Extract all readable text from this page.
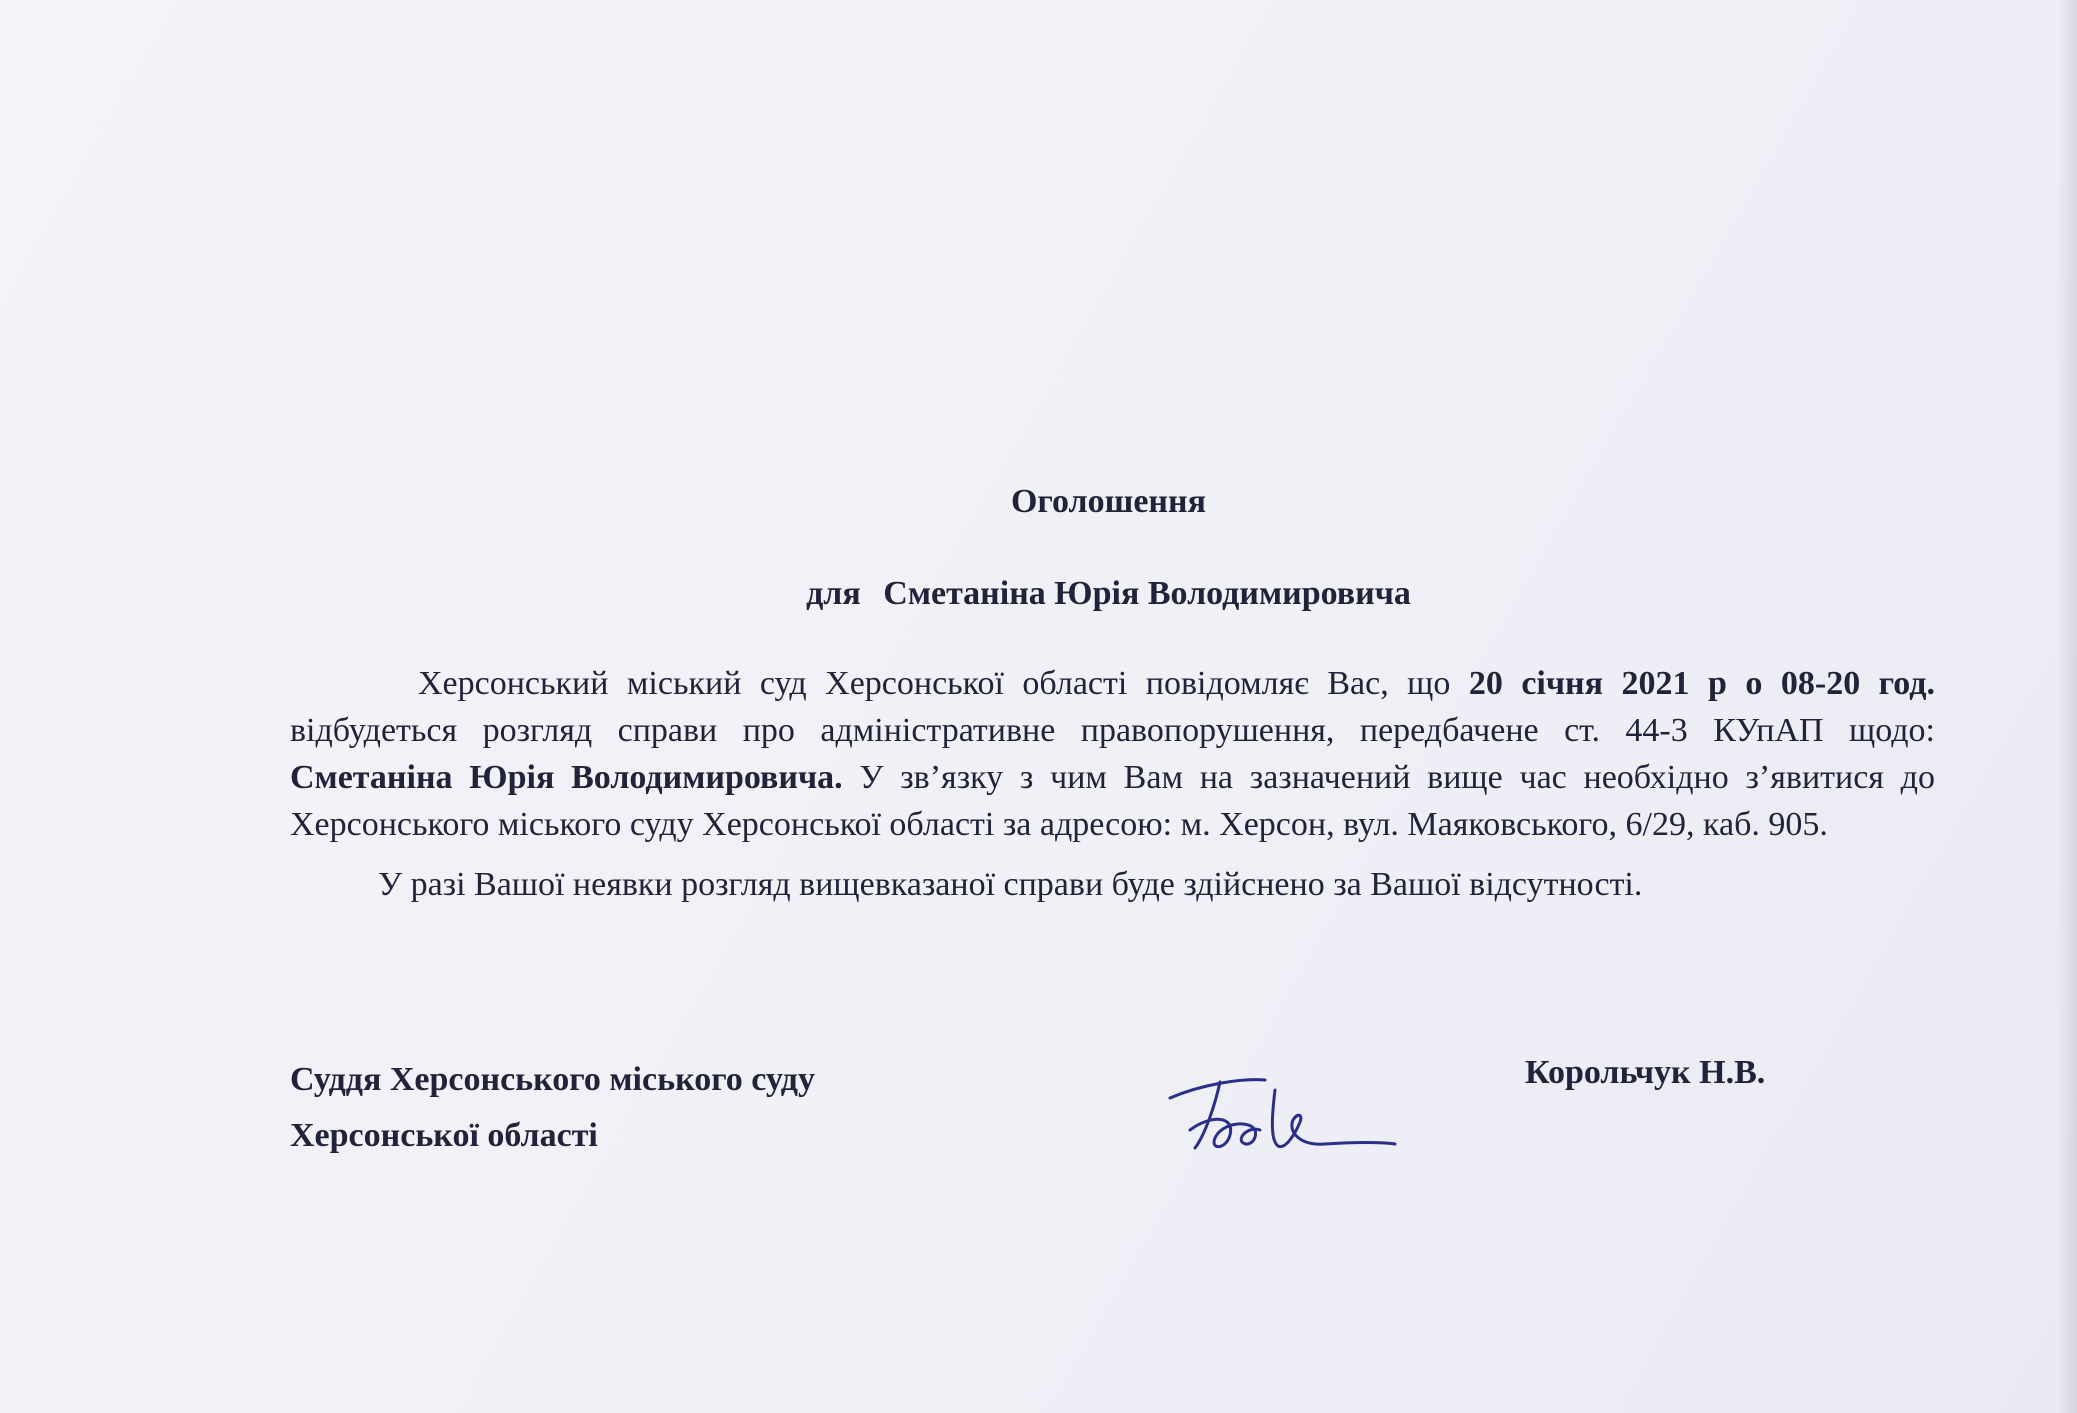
Оголошення
для Сметаніна Юрія Володимировича

Херсонський міський суд Херсонської області повідомляє Вас, що 20 січня 2021 р о 08-20 год. відбудеться розгляд справи про адміністративне правопорушення, передбачене ст. 44-3 КУпАП щодо: Сметаніна Юрія Володимировича. У зв’язку з чим Вам на зазначений вище час необхідно з’явитися до Херсонського міського суду Херсонської області за адресою: м. Херсон, вул. Маяковського, 6/29, каб. 905.

У разі Вашої неявки розгляд вищевказаної справи буде здійснено за Вашої відсутності.

Суддя Херсонського міського суду
Херсонської області
Корольчук Н.В.
